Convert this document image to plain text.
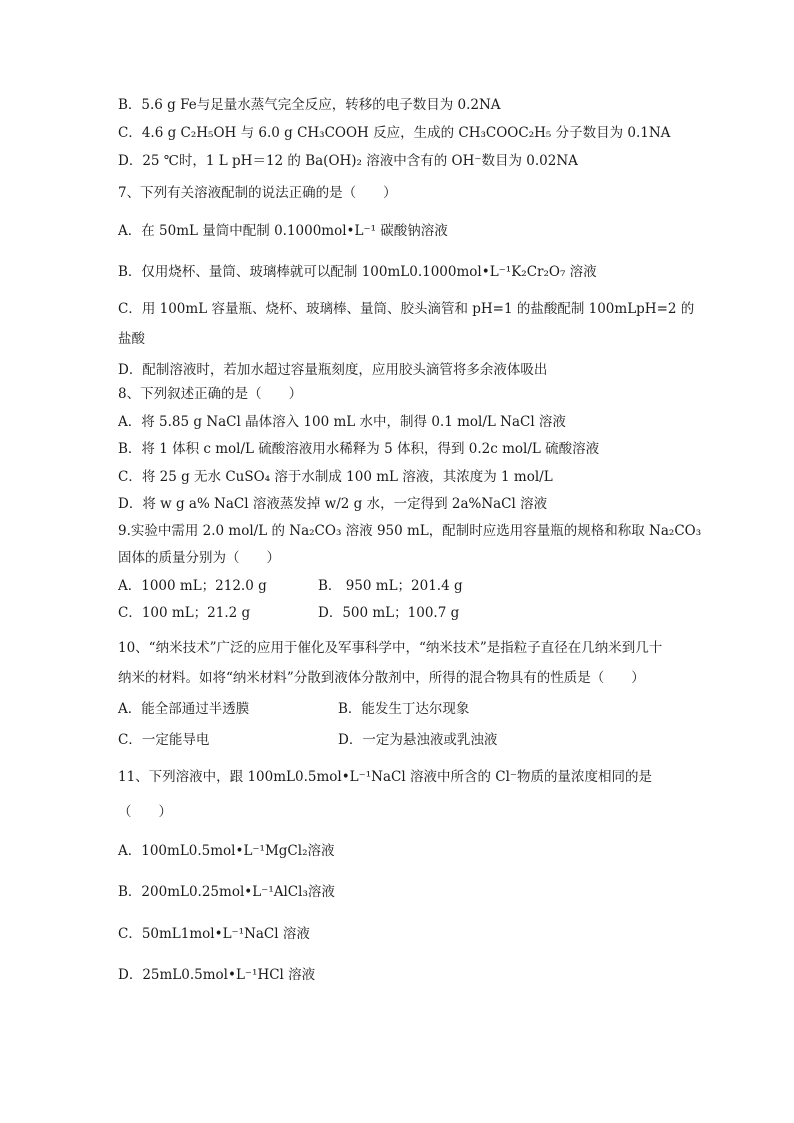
B．5.6 g Fe与足量水蒸气完全反应，转移的电子数目为 0.2NA
C．4.6 g C₂H₅OH 与 6.0 g CH₃COOH 反应，生成的 CH₃COOC₂H₅ 分子数目为 0.1NA
D．25 ℃时，1 L pH＝12 的 Ba(OH)₂ 溶液中含有的 OH⁻数目为 0.02NA
7、下列有关溶液配制的说法正确的是（　　）
A．在 50mL 量筒中配制 0.1000mol•L⁻¹ 碳酸钠溶液
B．仅用烧杯、量筒、玻璃棒就可以配制 100mL0.1000mol•L⁻¹K₂Cr₂O₇ 溶液
C．用 100mL 容量瓶、烧杯、玻璃棒、量筒、胶头滴管和 pH=1 的盐酸配制 100mLpH=2 的
盐酸
D．配制溶液时，若加水超过容量瓶刻度，应用胶头滴管将多余液体吸出
8、下列叙述正确的是（　　）
A．将 5.85 g NaCl 晶体溶入 100 mL 水中，制得 0.1 mol/L NaCl 溶液
B．将 1 体积 c mol/L 硫酸溶液用水稀释为 5 体积，得到 0.2c mol/L 硫酸溶液
C．将 25 g 无水 CuSO₄ 溶于水制成 100 mL 溶液，其浓度为 1 mol/L
D．将 w g a% NaCl 溶液蒸发掉 w/2 g 水，一定得到 2a%NaCl 溶液
9.实验中需用 2.0 mol/L 的 Na₂CO₃ 溶液 950 mL，配制时应选用容量瓶的规格和称取 Na₂CO₃
固体的质量分别为（　　）
A．1000 mL；212.0 g	B． 950 mL；201.4 g
C．100 mL；21.2 g	D．500 mL；100.7 g
10、“纳米技术”广泛的应用于催化及军事科学中，“纳米技术”是指粒子直径在几纳米到几十
纳米的材料。如将“纳米材料”分散到液体分散剂中，所得的混合物具有的性质是（　　）
A．能全部通过半透膜	B．能发生丁达尔现象
C．一定能导电	D．一定为悬浊液或乳浊液
11、下列溶液中，跟 100mL0.5mol•L⁻¹NaCl 溶液中所含的 Cl⁻物质的量浓度相同的是
（　　）
A．100mL0.5mol•L⁻¹MgCl₂溶液
B．200mL0.25mol•L⁻¹AlCl₃溶液
C．50mL1mol•L⁻¹NaCl 溶液
D．25mL0.5mol•L⁻¹HCl 溶液
